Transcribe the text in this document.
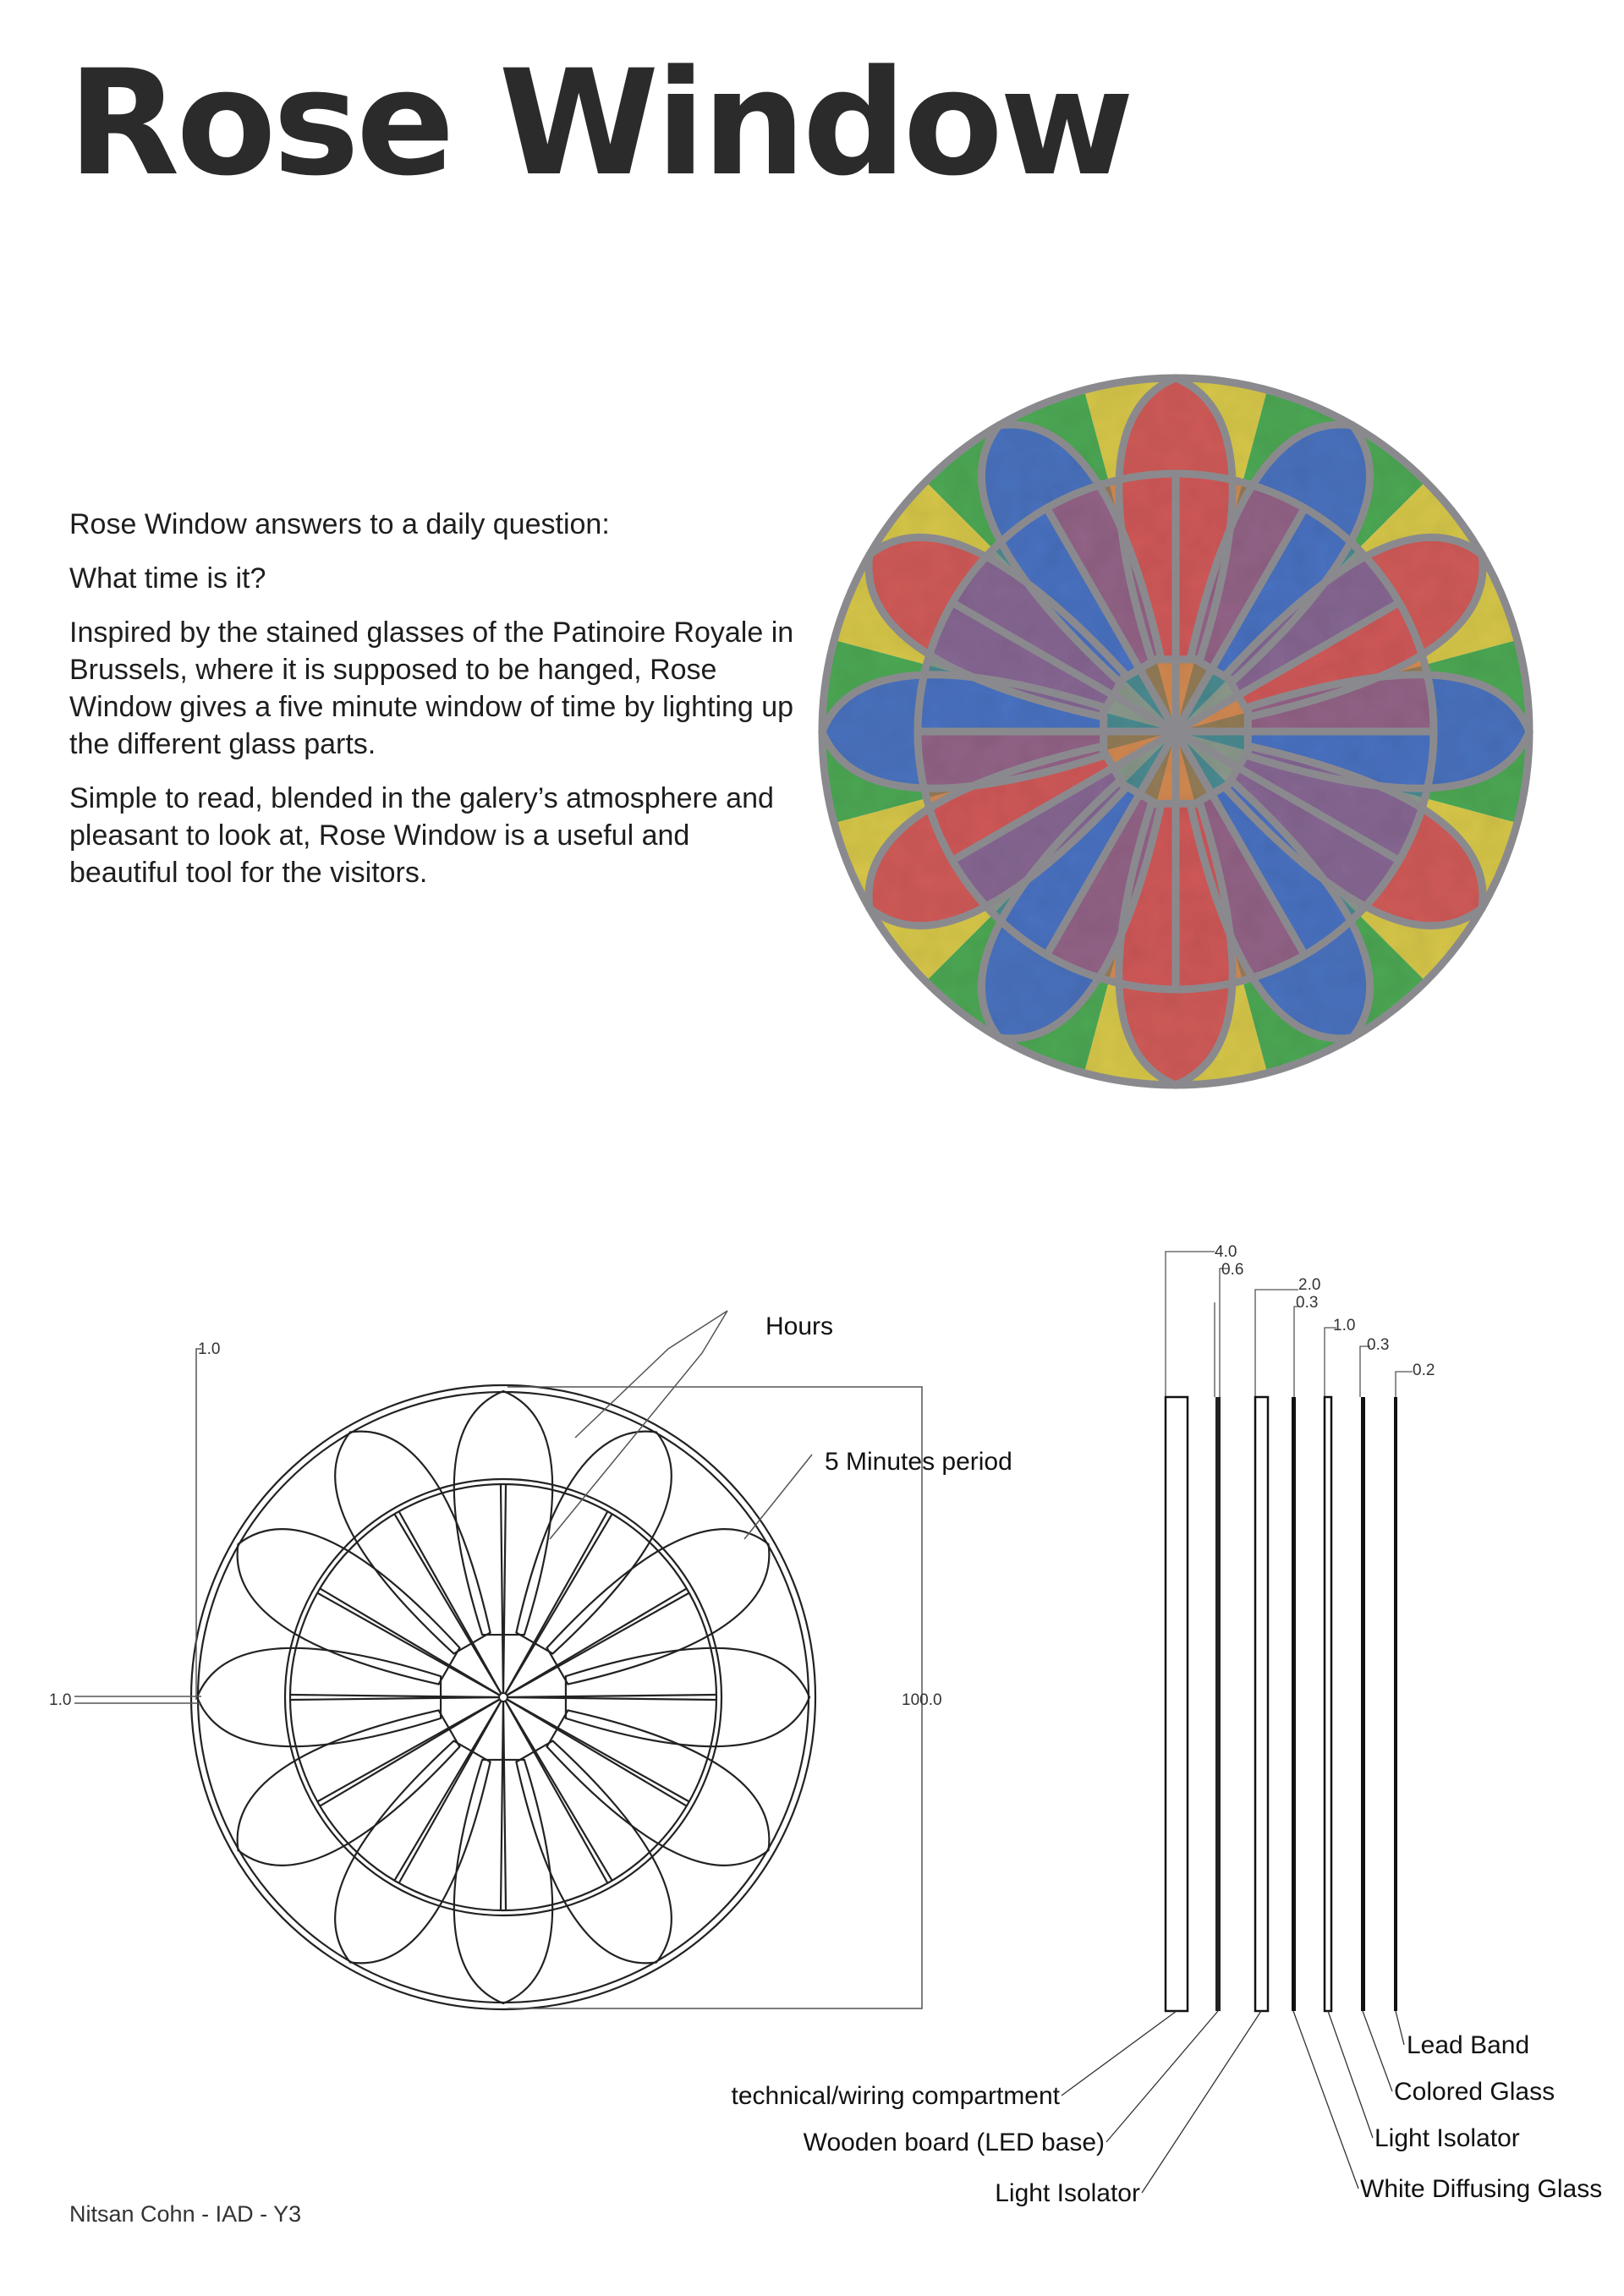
Rose Window

Rose Window answers to a daily question:

What time is it?

Inspired by the stained glasses of the Patinoire Royale in Brussels, where it is supposed to be hanged, Rose Window gives a five minute window of time by lighting up the different glass parts.

Simple to read, blended in the galery’s atmosphere and pleasant to look at, Rose Window is a useful and beautiful tool for the visitors.

1.0
1.0	100.0
Hours
5 Minutes period
4.0
0.6
2.0
0.3
1.0
0.3
0.2
technical/wiring compartment
Wooden board (LED base)
Light Isolator
Lead Band
Colored Glass
Light Isolator
White Diffusing Glass
Nitsan Cohn - IAD - Y3
